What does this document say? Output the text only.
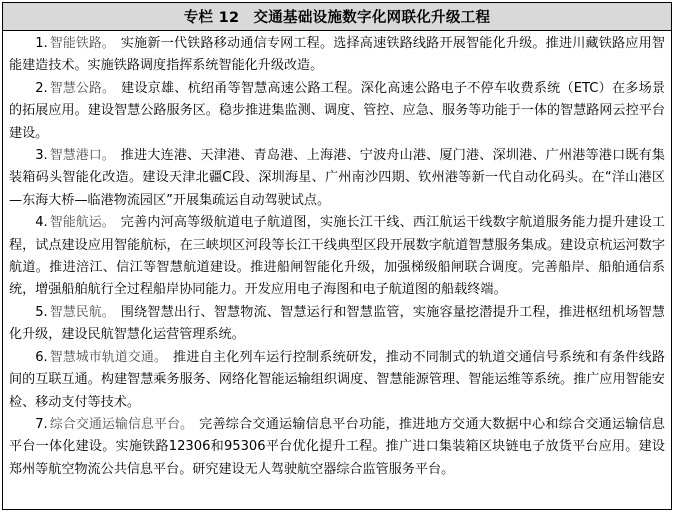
专栏 12 交通基础设施数字化网联化升级工程

1. 智能铁路。 实施新一代铁路移动通信专网工程。选择高速铁路线路开展智能化升级。推进川藏铁路应用智能建造技术。实施铁路调度指挥系统智能化升级改造。

2. 智慧公路。 建设京雄、杭绍甬等智慧高速公路工程。深化高速公路电子不停车收费系统（ETC）在多场景的拓展应用。建设智慧公路服务区。稳步推进集监测、调度、管控、应急、服务等功能于一体的智慧路网云控平台建设。

3. 智慧港口。 推进大连港、天津港、青岛港、上海港、宁波舟山港、厦门港、深圳港、广州港等港口既有集装箱码头智能化改造。建设天津北疆C段、深圳海星、广州南沙四期、钦州港等新一代自动化码头。在“洋山港区—东海大桥—临港物流园区”开展集疏运自动驾驶试点。

4. 智能航运。 完善内河高等级航道电子航道图，实施长江干线、西江航运干线数字航道服务能力提升建设工程，试点建设应用智能航标，在三峡坝区河段等长江干线典型区段开展数字航道智慧服务集成。建设京杭运河数字航道。推进涪江、信江等智慧航道建设。推进船闸智能化升级，加强梯级船闸联合调度。完善船岸、船舶通信系统，增强船舶航行全过程船岸协同能力。开发应用电子海图和电子航道图的船载终端。

5. 智慧民航。 围绕智慧出行、智慧物流、智慧运行和智慧监管，实施容量挖潜提升工程，推进枢纽机场智慧化升级，建设民航智慧化运营管理系统。

6. 智慧城市轨道交通。 推进自主化列车运行控制系统研发，推动不同制式的轨道交通信号系统和有条件线路间的互联互通。构建智慧乘务服务、网络化智能运输组织调度、智慧能源管理、智能运维等系统。推广应用智能安检、移动支付等技术。

7. 综合交通运输信息平台。 完善综合交通运输信息平台功能，推进地方交通大数据中心和综合交通运输信息平台一体化建设。实施铁路12306和95306平台优化提升工程。推广进口集装箱区块链电子放货平台应用。建设郑州等航空物流公共信息平台。研究建设无人驾驶航空器综合监管服务平台。
